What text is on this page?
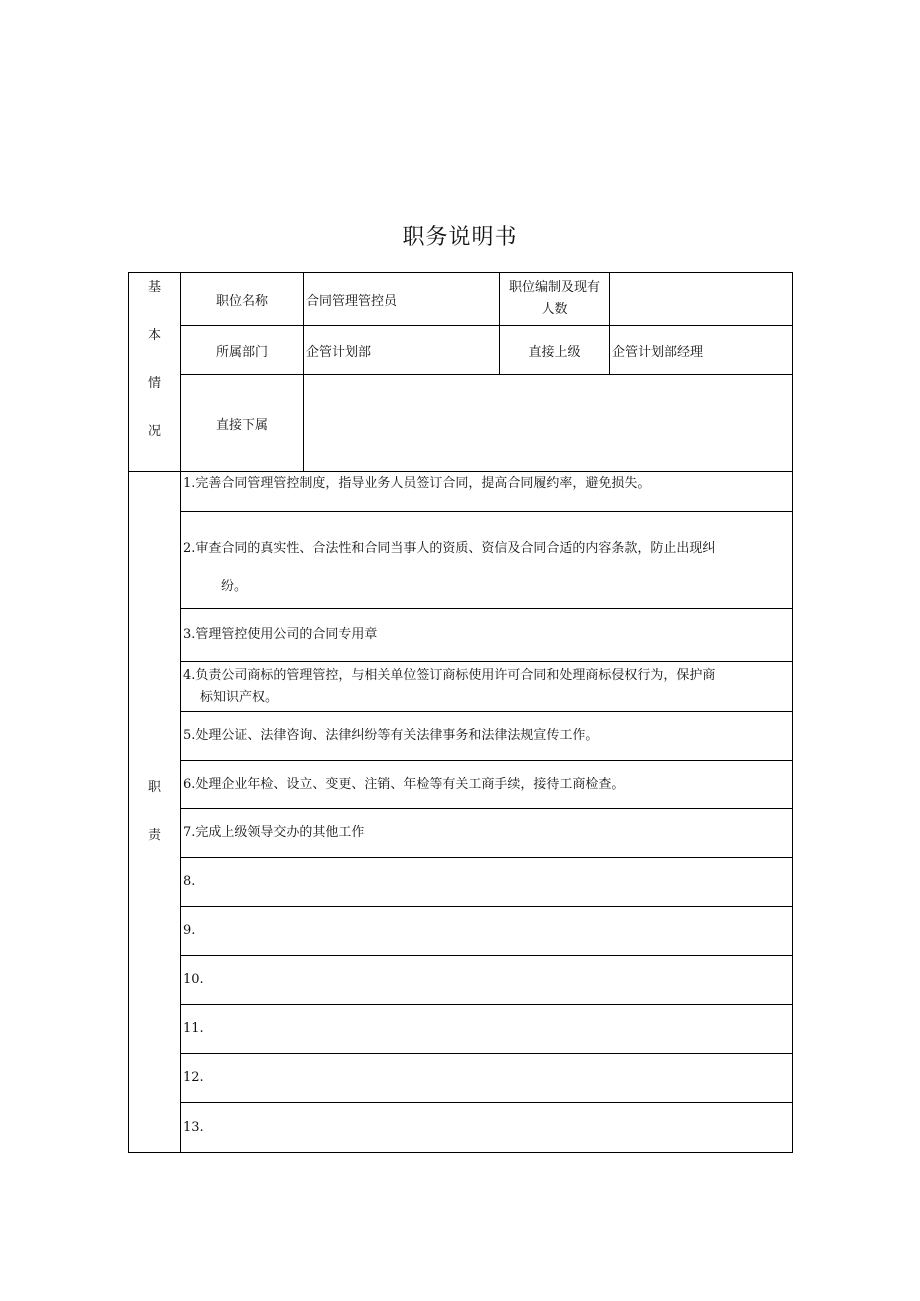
职务说明书
基
本
情
况	职位名称	合同管理管控员	职位编制及现有
人数	
	所属部门	企管计划部	直接上级	企管计划部经理
	直接下属			

职
责	1.完善合同管理管控制度，指导业务人员签订合同，提高合同履约率，避免损失。			
	2.审查合同的真实性、合法性和合同当事人的资质、资信及合同合适的内容条款，防止出现纠
纷。			

	3.管理管控使用公司的合同专用章			
	4.负责公司商标的管理管控，与相关单位签订商标使用许可合同和处理商标侵权行为，保护商
标知识产权。			

	5.处理公证、法律咨询、法律纠纷等有关法律事务和法律法规宣传工作。			
	6.处理企业年检、设立、变更、注销、年检等有关工商手续，接待工商检查。			
	7.完成上级领导交办的其他工作			
	8.			
	9.			
	10.			
	11.			
	12.			
	13.			
